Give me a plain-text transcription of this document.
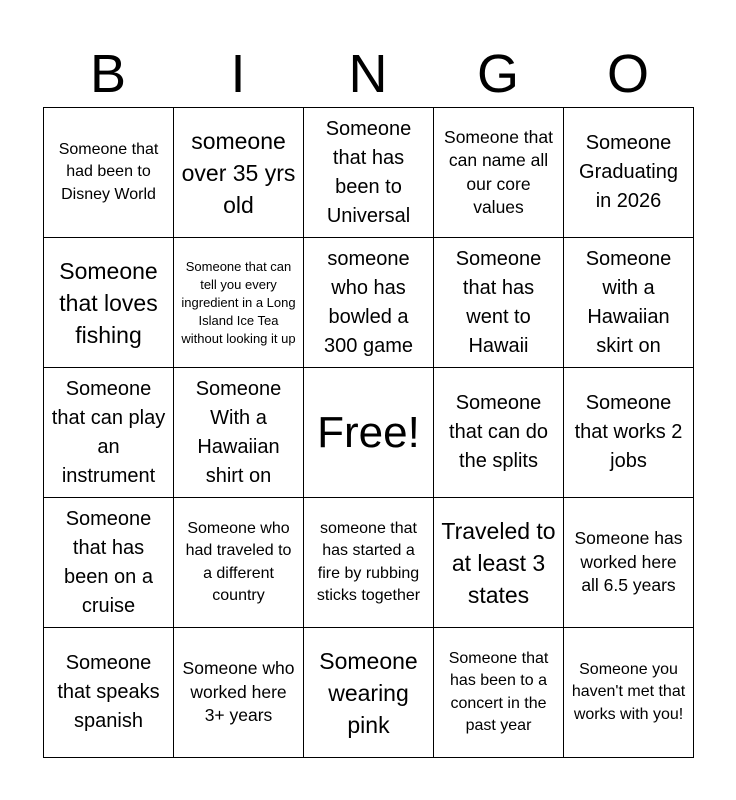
B	I	N	G	O
Someone that had been to Disney World	someone over 35 yrs old	Someone that has been to Universal	Someone that can name all our core values	Someone Graduating in 2026

Someone that loves fishing	Someone that can tell you every ingredient in a Long Island Ice Tea without looking it up	someone who has bowled a 300 game	Someone that has went to Hawaii	Someone with a Hawaiian skirt on

Someone that can play an instrument	Someone With a Hawaiian shirt on	Free!	Someone that can do the splits	Someone that works 2 jobs

Someone that has been on a cruise	Someone who had traveled to a different country	someone that has started a fire by rubbing sticks together	Traveled to at least 3 states	Someone has worked here all 6.5 years

Someone that speaks spanish	Someone who worked here 3+ years	Someone wearing pink	Someone that has been to a concert in the past year	Someone you haven't met that works with you!
